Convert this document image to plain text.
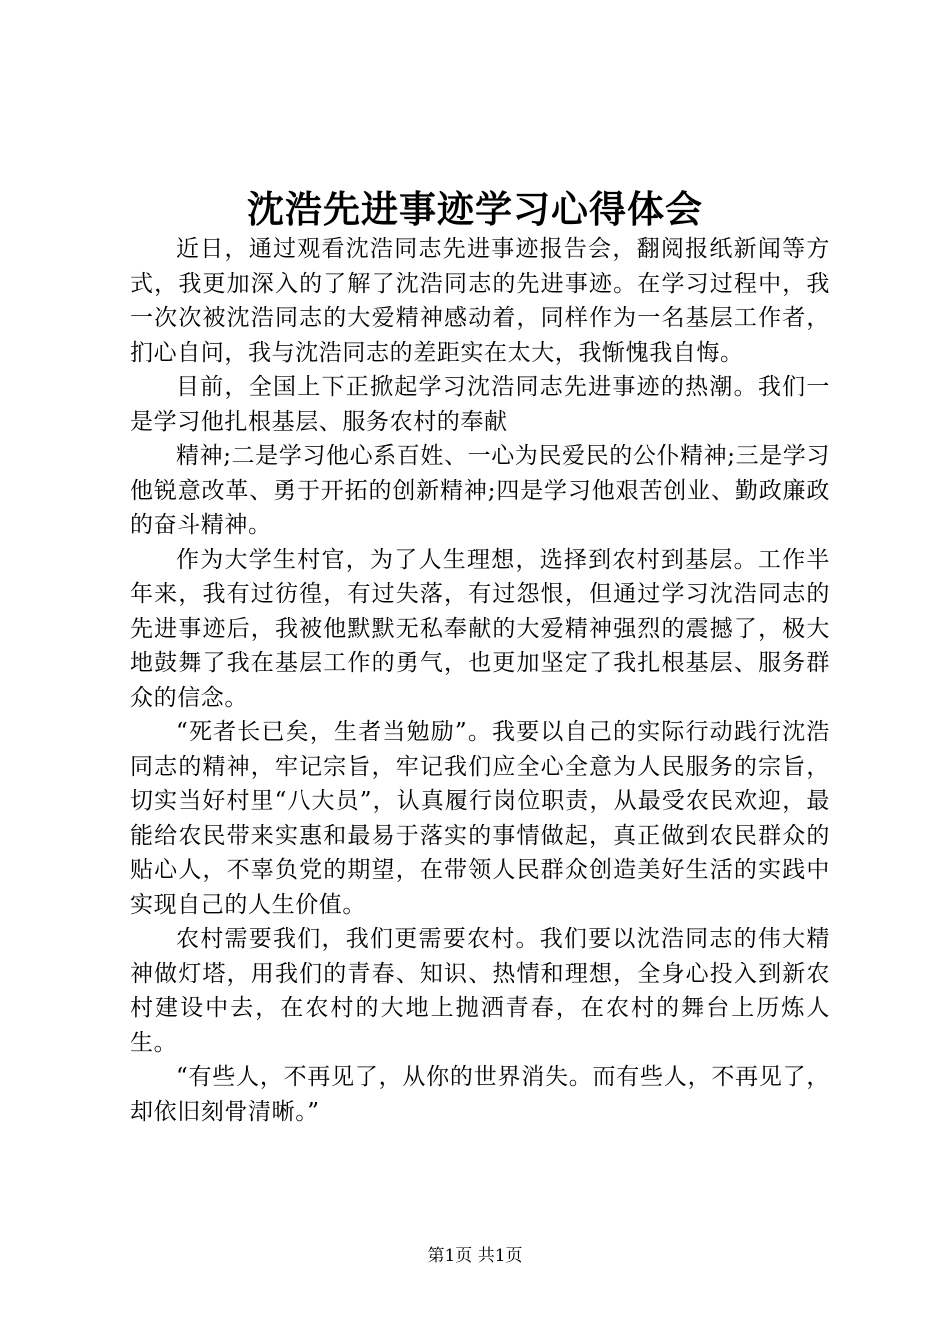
沈浩先进事迹学习心得体会

近日，通过观看沈浩同志先进事迹报告会，翻阅报纸新闻等方式，我更加深入的了解了沈浩同志的先进事迹。在学习过程中，我一次次被沈浩同志的大爱精神感动着，同样作为一名基层工作者，扪心自问，我与沈浩同志的差距实在太大，我惭愧我自悔。

目前，全国上下正掀起学习沈浩同志先进事迹的热潮。我们一是学习他扎根基层、服务农村的奉献

精神;二是学习他心系百姓、一心为民爱民的公仆精神;三是学习他锐意改革、勇于开拓的创新精神;四是学习他艰苦创业、勤政廉政的奋斗精神。

作为大学生村官，为了人生理想，选择到农村到基层。工作半年来，我有过彷徨，有过失落，有过怨恨，但通过学习沈浩同志的先进事迹后，我被他默默无私奉献的大爱精神强烈的震撼了，极大地鼓舞了我在基层工作的勇气，也更加坚定了我扎根基层、服务群众的信念。

“死者长已矣，生者当勉励”。我要以自己的实际行动践行沈浩同志的精神，牢记宗旨，牢记我们应全心全意为人民服务的宗旨，切实当好村里“八大员”，认真履行岗位职责，从最受农民欢迎，最能给农民带来实惠和最易于落实的事情做起，真正做到农民群众的贴心人，不辜负党的期望，在带领人民群众创造美好生活的实践中实现自己的人生价值。

农村需要我们，我们更需要农村。我们要以沈浩同志的伟大精神做灯塔，用我们的青春、知识、热情和理想，全身心投入到新农村建设中去，在农村的大地上抛洒青春，在农村的舞台上历炼人生。

“有些人，不再见了，从你的世界消失。而有些人，不再见了，却依旧刻骨清晰。”

第1页 共1页
